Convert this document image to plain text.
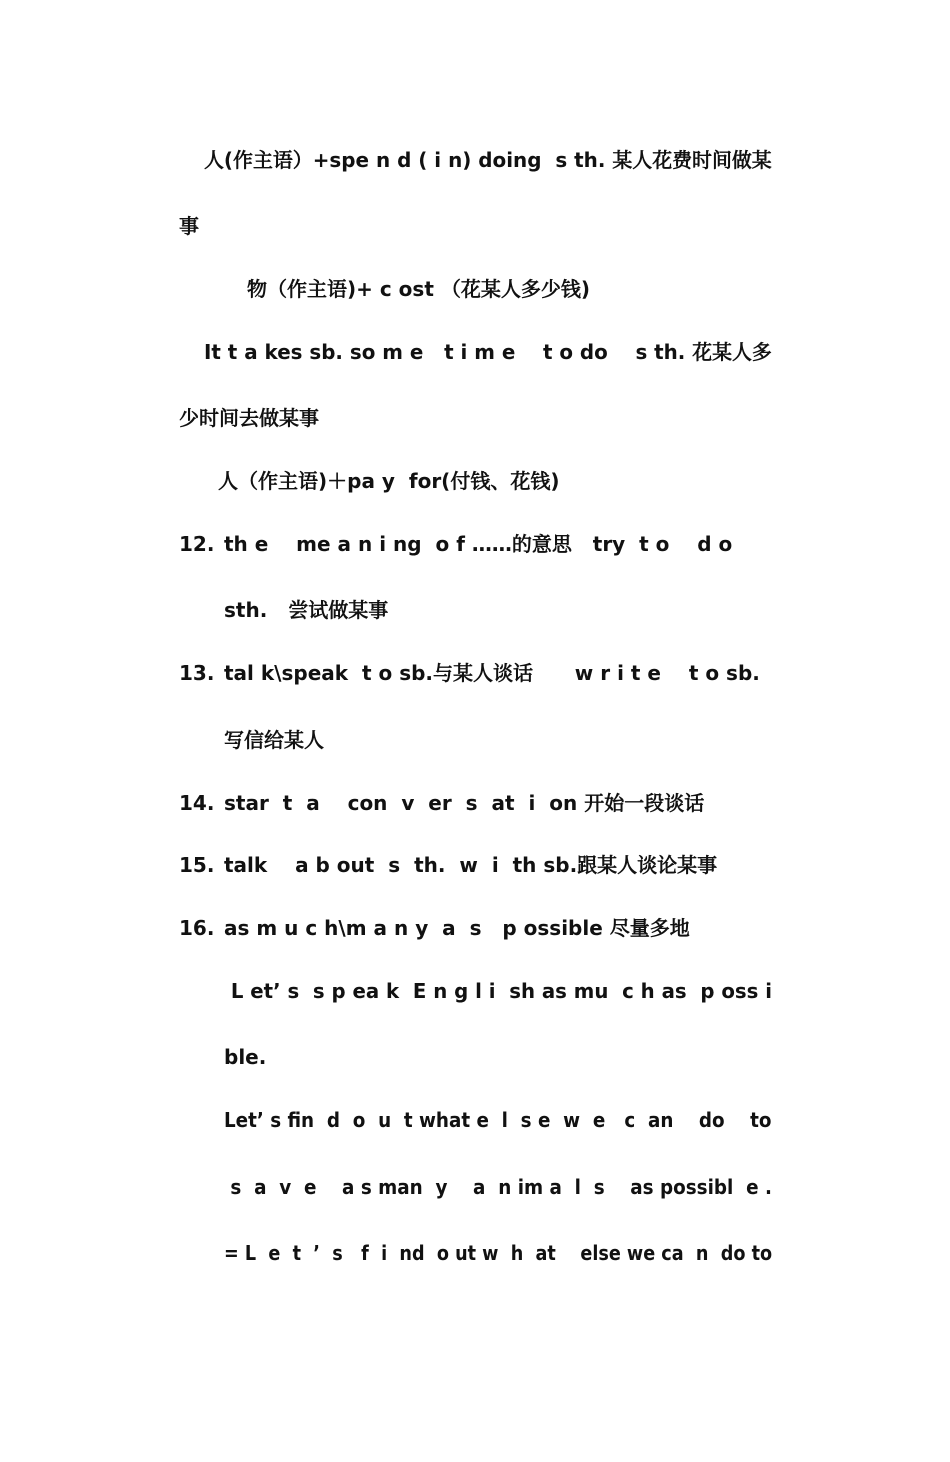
人(作主语）+spe n d ( i n) doing  s th. 某人花费时间做某
事
物（作主语)+ c ost （花某人多少钱)
It t a kes sb. so m e   t i m e    t o do    s th. 花某人多
少时间去做某事
人（作主语)＋pa y  for(付钱、花钱)
12. th e    me a n i ng  o f ……的意思   try  t o    d o
sth.   尝试做某事
13. tal k\speak  t o sb.与某人谈话      w r i t e    t o sb.
写信给某人
14. star  t  a    con  v  er  s  at  i  on 开始一段谈话
15. talk    a b out  s  th.  w  i  th sb.跟某人谈论某事
16. as m u c h\m a n y  a  s   p ossible 尽量多地
L et’ s  s p ea k  E n g l i  sh as mu  c h as  p oss i
ble.
Let’ s fin  d  o  u  t what e  l  s e  w  e   c  an    do    to
s  a  v  e    a s man  y    a  n im a  l  s    as possibl  e .
= L  e  t  ’  s   f  i  nd  o ut w  h  at    else we ca  n  do to
